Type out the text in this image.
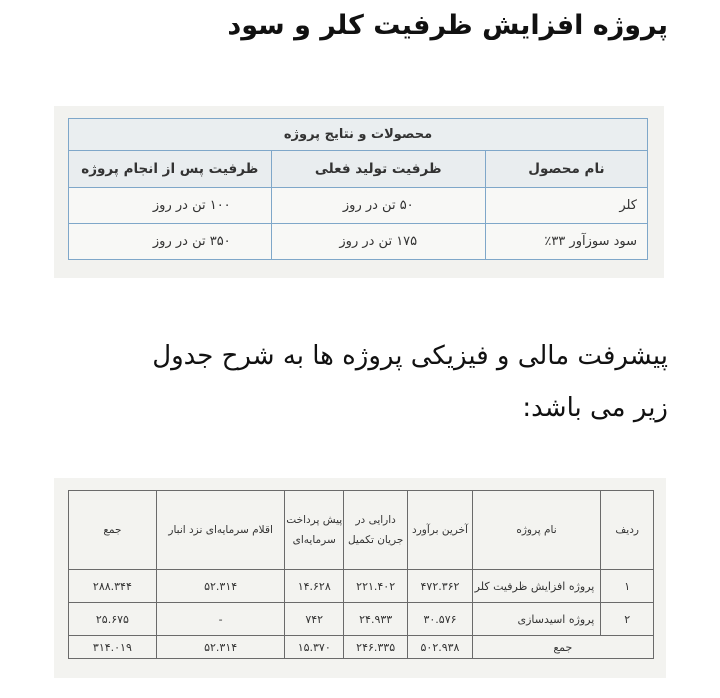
پروژه افزایش ظرفیت کلر و سود
محصولات و نتایج پروژه		
نام محصول	ظرفیت تولید فعلی	ظرفیت پس از انجام پروژه
کلر	۵۰ تن در روز	۱۰۰ تن در روز
سود سوزآور ۳۳٪	۱۷۵ تن در روز	۳۵۰ تن در روز
پیشرفت مالی و فیزیکی پروژه ها به شرح جدول
زیر می باشد:
ردیف	نام پروژه	آخرین برآورد	دارایی در جریان تکمیل	پیش پرداخت سرمایه‌ای	اقلام سرمایه‌ای نزد انبار	جمع
۱	پروژه افزایش ظرفیت کلر	۴۷۲.۳۶۲	۲۲۱.۴۰۲	۱۴.۶۲۸	۵۲.۳۱۴	۲۸۸.۳۴۴
۲	پروژه اسیدسازی	۳۰.۵۷۶	۲۴.۹۳۳	۷۴۲	-	۲۵.۶۷۵
جمع		۵۰۲.۹۳۸	۲۴۶.۳۳۵	۱۵.۳۷۰	۵۲.۳۱۴	۳۱۴.۰۱۹
